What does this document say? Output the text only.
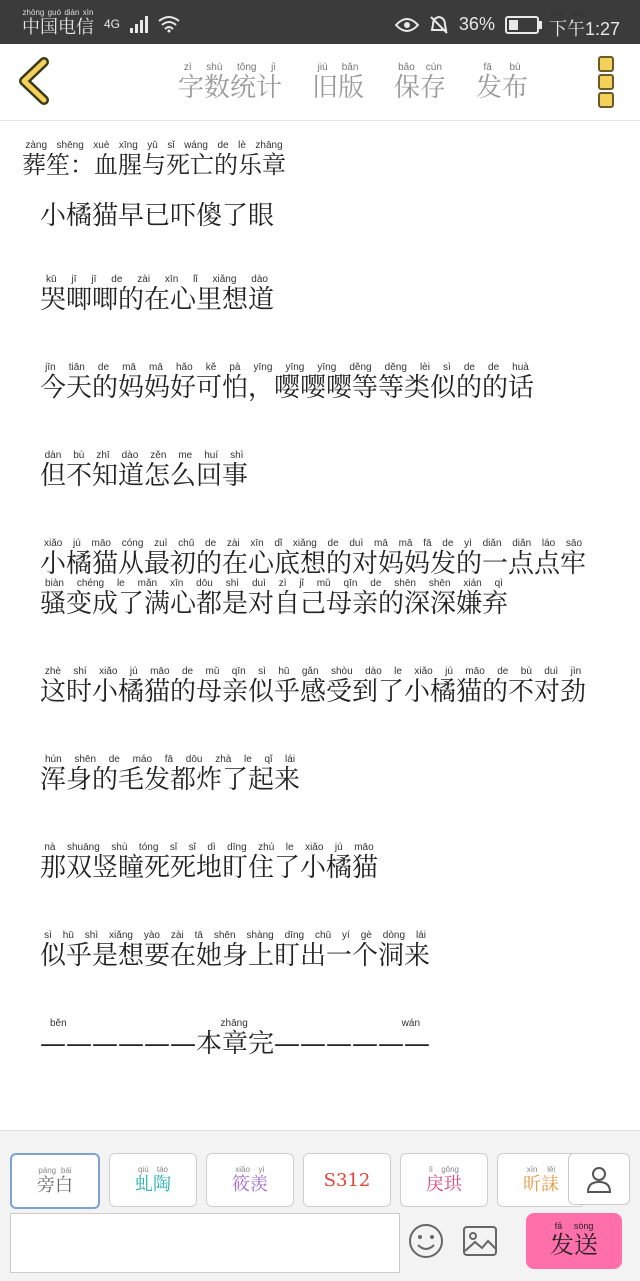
中国电信zhōng guó diàn xìn
4G	36%	下午xià wǔ1:27
字数统计zì shù tǒng jì
旧版jiù bǎn
保存bǎo cún
发布fā bù
葬笙：血腥与死亡的乐章zàng shēng xuè xīng yǔ sǐ wáng de lè zhāng
小橘猫早已吓傻了眼
哭唧唧的在心里想道kū jī jī de zài xīn lǐ xiǎng dào
今天的妈妈好可怕，嘤嘤嘤等等类似的的话jīn tiān de mā mā hǎo kě pà yīng yīng yīng děng děng lèi sì de de huà
但不知道怎么回事dàn bù zhī dào zěn me huí shì
小橘猫从最初的在心底想的对妈妈发的一点点牢骚变成了满心都是对自己母亲的深深嫌弃xiǎo jú māo cóng zuì chū de zài xīn dǐ xiǎng de duì mā mā fā de yì diǎn diǎn láo sāo biàn chéng le mǎn xīn dōu shì duì zì jǐ mǔ qīn de shēn shēn xián qì
这时小橘猫的母亲似乎感受到了小橘猫的不对劲zhè shí xiǎo jú māo de mǔ qīn sì hū gǎn shòu dào le xiǎo jú māo de bù duì jìn
浑身的毛发都炸了起来hún shēn de máo fā dōu zhà le qǐ lái
那双竖瞳死死地盯住了小橘猫nà shuāng shù tóng sǐ sǐ dì dīng zhù le xiǎo jú māo
似乎是想要在她身上盯出一个洞来sì hū shì xiǎng yào zài tā shēn shàng dīng chū yí gè dòng lái
——————本章完——————běn zhāng wán
旁白páng bái
虬陶qiú táo
筱羡xiǎo yì
S312	戾珙lì gǒng
昕誄xīn lěi
发送fā sòng
